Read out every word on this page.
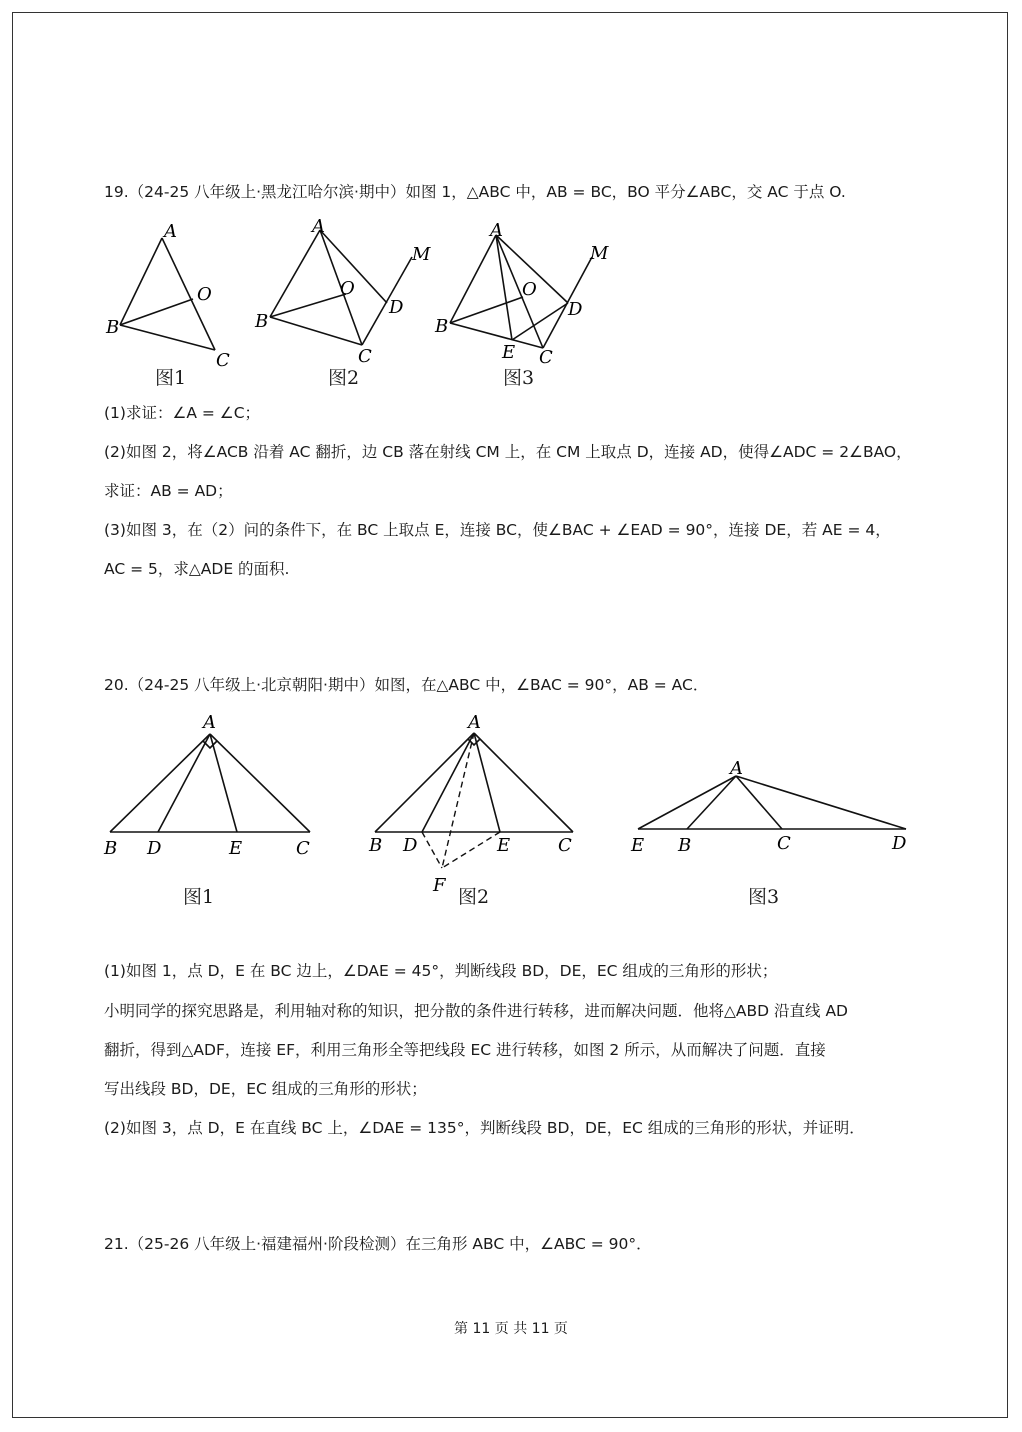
19.（24-25 八年级上·黑龙江哈尔滨·期中）如图 1，△ABC 中，AB = BC，BO 平分∠ABC，交 AC 于点 O.
A
B
C
O
图1
A
B
C
O
D
M
图2
A
B
C
O
D
E
M
图3
(1)求证：∠A = ∠C；
(2)如图 2，将∠ACB 沿着 AC 翻折，边 CB 落在射线 CM 上，在 CM 上取点 D，连接 AD，使得∠ADC = 2∠BAO，
求证：AB = AD；
(3)如图 3，在（2）问的条件下，在 BC 上取点 E，连接 BC，使∠BAC + ∠EAD = 90°，连接 DE，若 AE = 4，
AC = 5，求△ADE 的面积.
20.（24-25 八年级上·北京朝阳·期中）如图，在△ABC 中，∠BAC = 90°，AB = AC．
A
B D	E	C
图1
A
B D	E	C
F
图2
A
E B	C	D
图3
(1)如图 1，点 D，E 在 BC 边上，∠DAE = 45°，判断线段 BD，DE，EC 组成的三角形的形状；
小明同学的探究思路是，利用轴对称的知识，把分散的条件进行转移，进而解决问题．他将△ABD 沿直线 AD
翻折，得到△ADF，连接 EF，利用三角形全等把线段 EC 进行转移，如图 2 所示，从而解决了问题．直接
写出线段 BD，DE，EC 组成的三角形的形状；
(2)如图 3，点 D，E 在直线 BC 上，∠DAE = 135°，判断线段 BD，DE，EC 组成的三角形的形状，并证明．
21.（25-26 八年级上·福建福州·阶段检测）在三角形 ABC 中，∠ABC = 90°．
第 11 页 共 11 页
